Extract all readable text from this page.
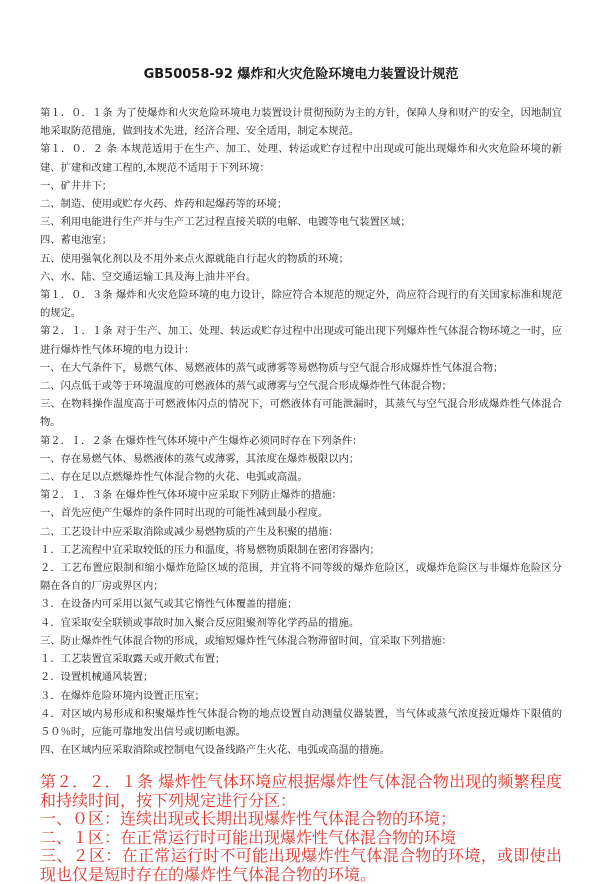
GB50058-92 爆炸和火灾危险环境电力装置设计规范

第１．０．１条 为了使爆炸和火灾危险环境电力装置设计贯彻预防为主的方针，保障人身和财产的安全，因地制宜地采取防范措施，做到技术先进，经济合理、安全适用，制定本规范。

第１．０．２ 条 本规范适用于在生产、加工、处理、转运或贮存过程中出现或可能出现爆炸和火灾危险环境的新建、扩建和改建工程的,本规范不适用于下列环境：

一、矿井井下；

二、制造、使用或贮存火药、炸药和起爆药等的环境；

三、利用电能进行生产并与生产工艺过程直接关联的电解、电镀等电气装置区域；

四、蓄电池室；

五、使用强氧化剂以及不用外来点火源就能自行起火的物质的环境；

六、水、陆、空交通运输工具及海上油井平台。

第１．０．３条 爆炸和火灾危险环境的电力设计，除应符合本规范的规定外，尚应符合现行的有关国家标准和规范的规定。

第２．１．１条 对于生产、加工、处理、转运或贮存过程中出现或可能出现下列爆炸性气体混合物环境之一时，应进行爆炸性气体环境的电力设计：

一、在大气条件下，易燃气体、易燃液体的蒸气或薄雾等易燃物质与空气混合形成爆炸性气体混合物；

二、闪点低于或等于环境温度的可燃液体的蒸气或薄雾与空气混合形成爆炸性气体混合物；

三、在物料操作温度高于可燃液体闪点的情况下，可燃液体有可能泄漏时，其蒸气与空气混合形成爆炸性气体混合物。

第２．１．２条 在爆炸性气体环境中产生爆炸必须同时存在下列条件：

一、存在易燃气体、易燃液体的蒸气或薄雾，其浓度在爆炸极限以内；

二、存在足以点燃爆炸性气体混合物的火花、电弧或高温。

第２．１．３条 在爆炸性气体环境中应采取下列防止爆炸的措施：

一、首先应使产生爆炸的条件同时出现的可能性减到最小程度。

二、工艺设计中应采取消除或减少易燃物质的产生及积聚的措施：

１．工艺流程中宜采取较低的压力和温度，将易燃物质限制在密闭容器内；

２．工艺布置应限制和缩小爆炸危险区域的范围，并宜将不同等级的爆炸危险区，或爆炸危险区与非爆炸危险区分隔在各自的厂房或界区内；

３．在设备内可采用以氮气或其它惰性气体覆盖的措施；

４．宜采取安全联锁或事故时加入聚合反应阻聚剂等化学药品的措施。

三、防止爆炸性气体混合物的形成，或缩短爆炸性气体混合物滞留时间，宜采取下列措施：

１．工艺装置宜采取露天或开敞式布置；

２．设置机械通风装置；

３．在爆炸危险环境内设置正压室；

４．对区域内易形成和积聚爆炸性气体混合物的地点设置自动测量仪器装置，当气体或蒸气浓度接近爆炸下限值的５０％时，应能可靠地发出信号或切断电源。

四、在区域内应采取消除或控制电气设备线路产生火花、电弧或高温的措施。

第２．２．１条 爆炸性气体环境应根据爆炸性气体混合物出现的频繁程度和持续时间，按下列规定进行分区：

一、０区：连续出现或长期出现爆炸性气体混合物的环境；

二、１区：在正常运行时可能出现爆炸性气体混合物的环境

三、２区：在正常运行时不可能出现爆炸性气体混合物的环境，或即使出现也仅是短时存在的爆炸性气体混合物的环境。
